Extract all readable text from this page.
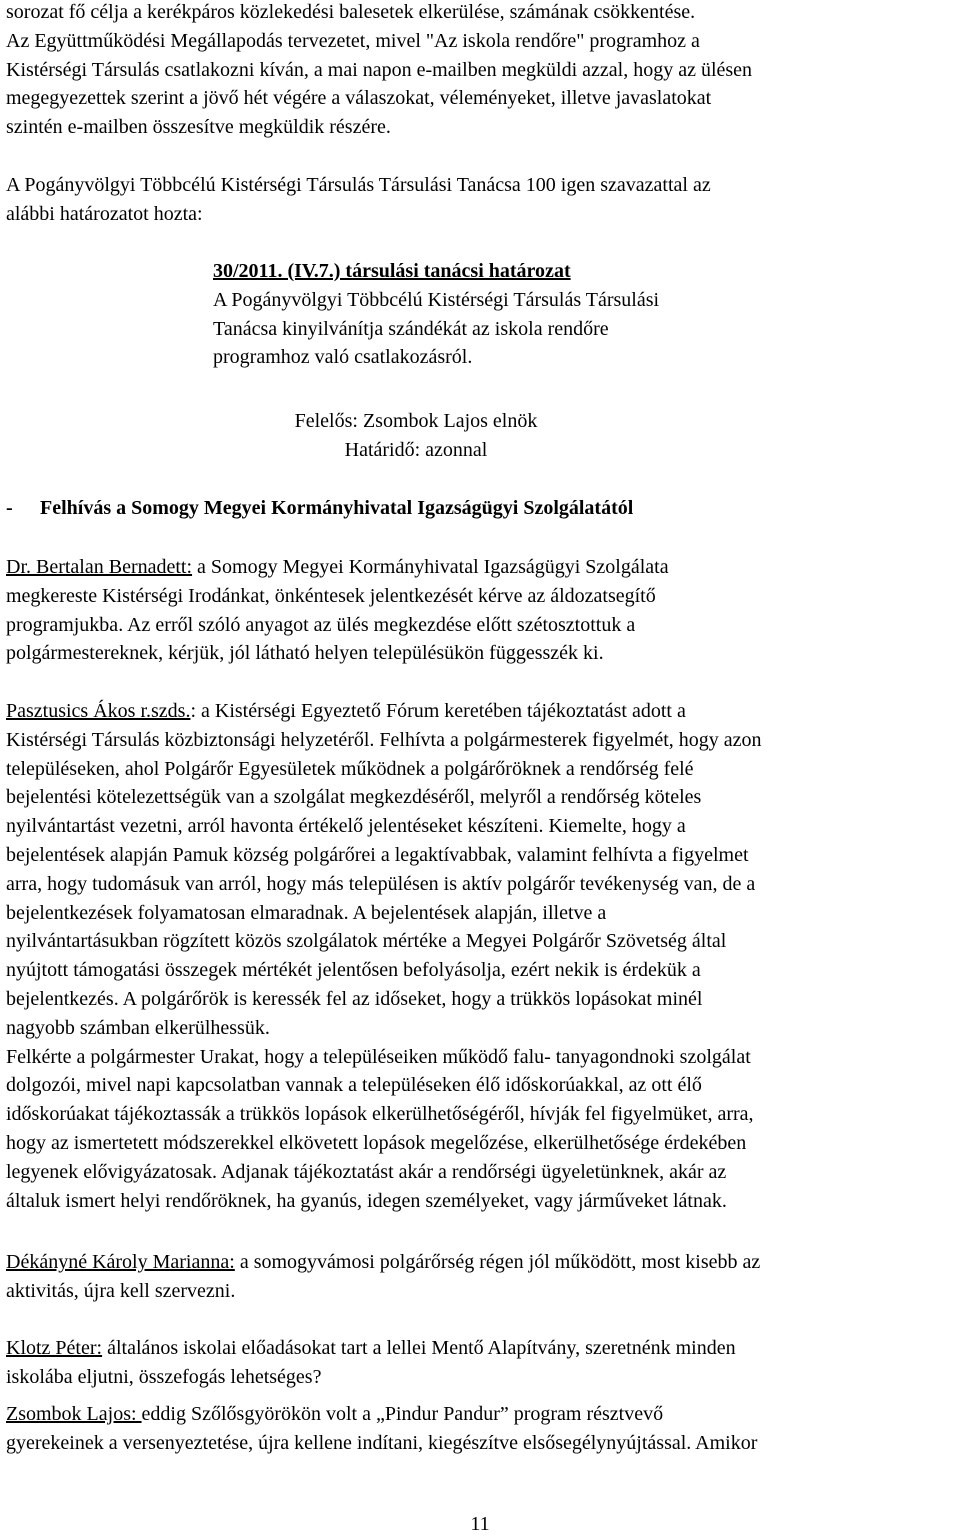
sorozat fő célja a kerékpáros közlekedési balesetek elkerülése, számának csökkentése.

Az Együttműködési Megállapodás tervezetet, mivel "Az iskola rendőre" programhoz a

Kistérségi Társulás csatlakozni kíván, a mai napon e-mailben megküldi azzal, hogy az ülésen

megegyezettek szerint a jövő hét végére a válaszokat, véleményeket, illetve javaslatokat

szintén e-mailben összesítve megküldik részére.

A Pogányvölgyi Többcélú Kistérségi Társulás Társulási Tanácsa 100 igen szavazattal az

alábbi határozatot hozta:

30/2011. (IV.7.) társulási tanácsi határozat

A Pogányvölgyi Többcélú Kistérségi Társulás Társulási

Tanácsa kinyilvánítja szándékát az iskola rendőre

programhoz való csatlakozásról.

Felelős: Zsombok Lajos elnök

Határidő: azonnal

-	Felhívás a Somogy Megyei Kormányhivatal Igazságügyi Szolgálatától

Dr. Bertalan Bernadett: a Somogy Megyei Kormányhivatal Igazságügyi Szolgálata

megkereste Kistérségi Irodánkat, önkéntesek jelentkezését kérve az áldozatsegítő

programjukba. Az erről szóló anyagot az ülés megkezdése előtt szétosztottuk a

polgármestereknek, kérjük, jól látható helyen településükön függesszék ki.

Pasztusics Ákos r.szds.: a Kistérségi Egyeztető Fórum keretében tájékoztatást adott a

Kistérségi Társulás közbiztonsági helyzetéről. Felhívta a polgármesterek figyelmét, hogy azon

településeken, ahol Polgárőr Egyesületek működnek a polgárőröknek a rendőrség felé

bejelentési kötelezettségük van a szolgálat megkezdéséről, melyről a rendőrség köteles

nyilvántartást vezetni, arról havonta értékelő jelentéseket készíteni. Kiemelte, hogy a

bejelentések alapján Pamuk község polgárőrei a legaktívabbak, valamint felhívta a figyelmet

arra, hogy tudomásuk van arról, hogy más településen is aktív polgárőr tevékenység van, de a

bejelentkezések folyamatosan elmaradnak. A bejelentések alapján, illetve a

nyilvántartásukban rögzített közös szolgálatok mértéke a Megyei Polgárőr Szövetség által

nyújtott támogatási összegek mértékét jelentősen befolyásolja, ezért nekik is érdekük a

bejelentkezés. A polgárőrök is keressék fel az időseket, hogy a trükkös lopásokat minél

nagyobb számban elkerülhessük.

Felkérte a polgármester Urakat, hogy a településeiken működő falu- tanyagondnoki szolgálat

dolgozói, mivel napi kapcsolatban vannak a településeken élő időskorúakkal, az ott élő

időskorúakat tájékoztassák a trükkös lopások elkerülhetőségéről, hívják fel figyelmüket, arra,

hogy az ismertetett módszerekkel elkövetett lopások megelőzése, elkerülhetősége érdekében

legyenek elővigyázatosak. Adjanak tájékoztatást akár a rendőrségi ügyeletünknek, akár az

általuk ismert helyi rendőröknek, ha gyanús, idegen személyeket, vagy járműveket látnak.

Dékányné Károly Marianna: a somogyvámosi polgárőrség régen jól működött, most kisebb az

aktivitás, újra kell szervezni.

Klotz Péter: általános iskolai előadásokat tart a lellei Mentő Alapítvány, szeretnénk minden

iskolába eljutni, összefogás lehetséges?

Zsombok Lajos: eddig Szőlősgyörökön volt a „Pindur Pandur” program résztvevő

gyerekeinek a versenyeztetése, újra kellene indítani, kiegészítve elsősegélynyújtással. Amikor

11
